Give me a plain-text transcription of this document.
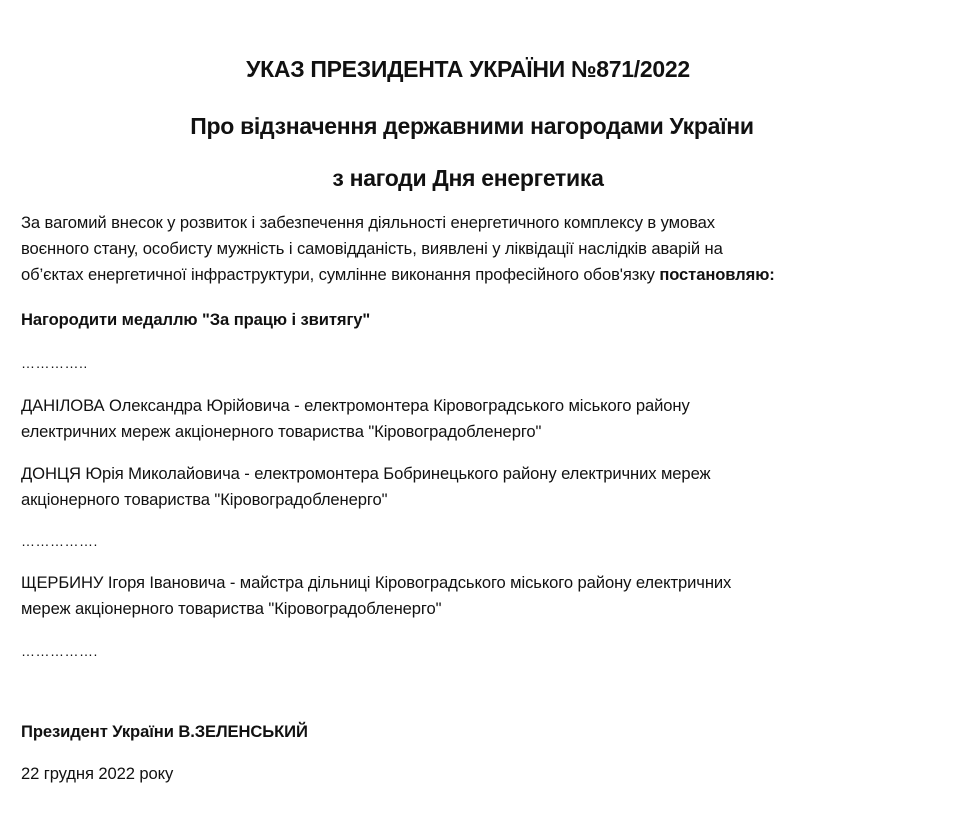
УКАЗ ПРЕЗИДЕНТА УКРАЇНИ №871/2022
Про відзначення державними нагородами України
з нагоди Дня енергетика
За вагомий внесок у розвиток і забезпечення діяльності енергетичного комплексу в умовах
воєнного стану, особисту мужність і самовідданість, виявлені у ліквідації наслідків аварій на
об’єктах енергетичної інфраструктури, сумлінне виконання професійного обов'язку постановляю:
Нагородити медаллю "За працю і звитягу"
…………..
ДАНІЛОВА Олександра Юрійовича - електромонтера Кіровоградського міського району
електричних мереж акціонерного товариства "Кіровоградобленерго"
ДОНЦЯ Юрія Миколайовича - електромонтера Бобринецького району електричних мереж
акціонерного товариства "Кіровоградобленерго"
…………….
ЩЕРБИНУ Ігоря Івановича - майстра дільниці Кіровоградського міського району електричних
мереж акціонерного товариства "Кіровоградобленерго"
…………….
Президент України В.ЗЕЛЕНСЬКИЙ
22 грудня 2022 року
